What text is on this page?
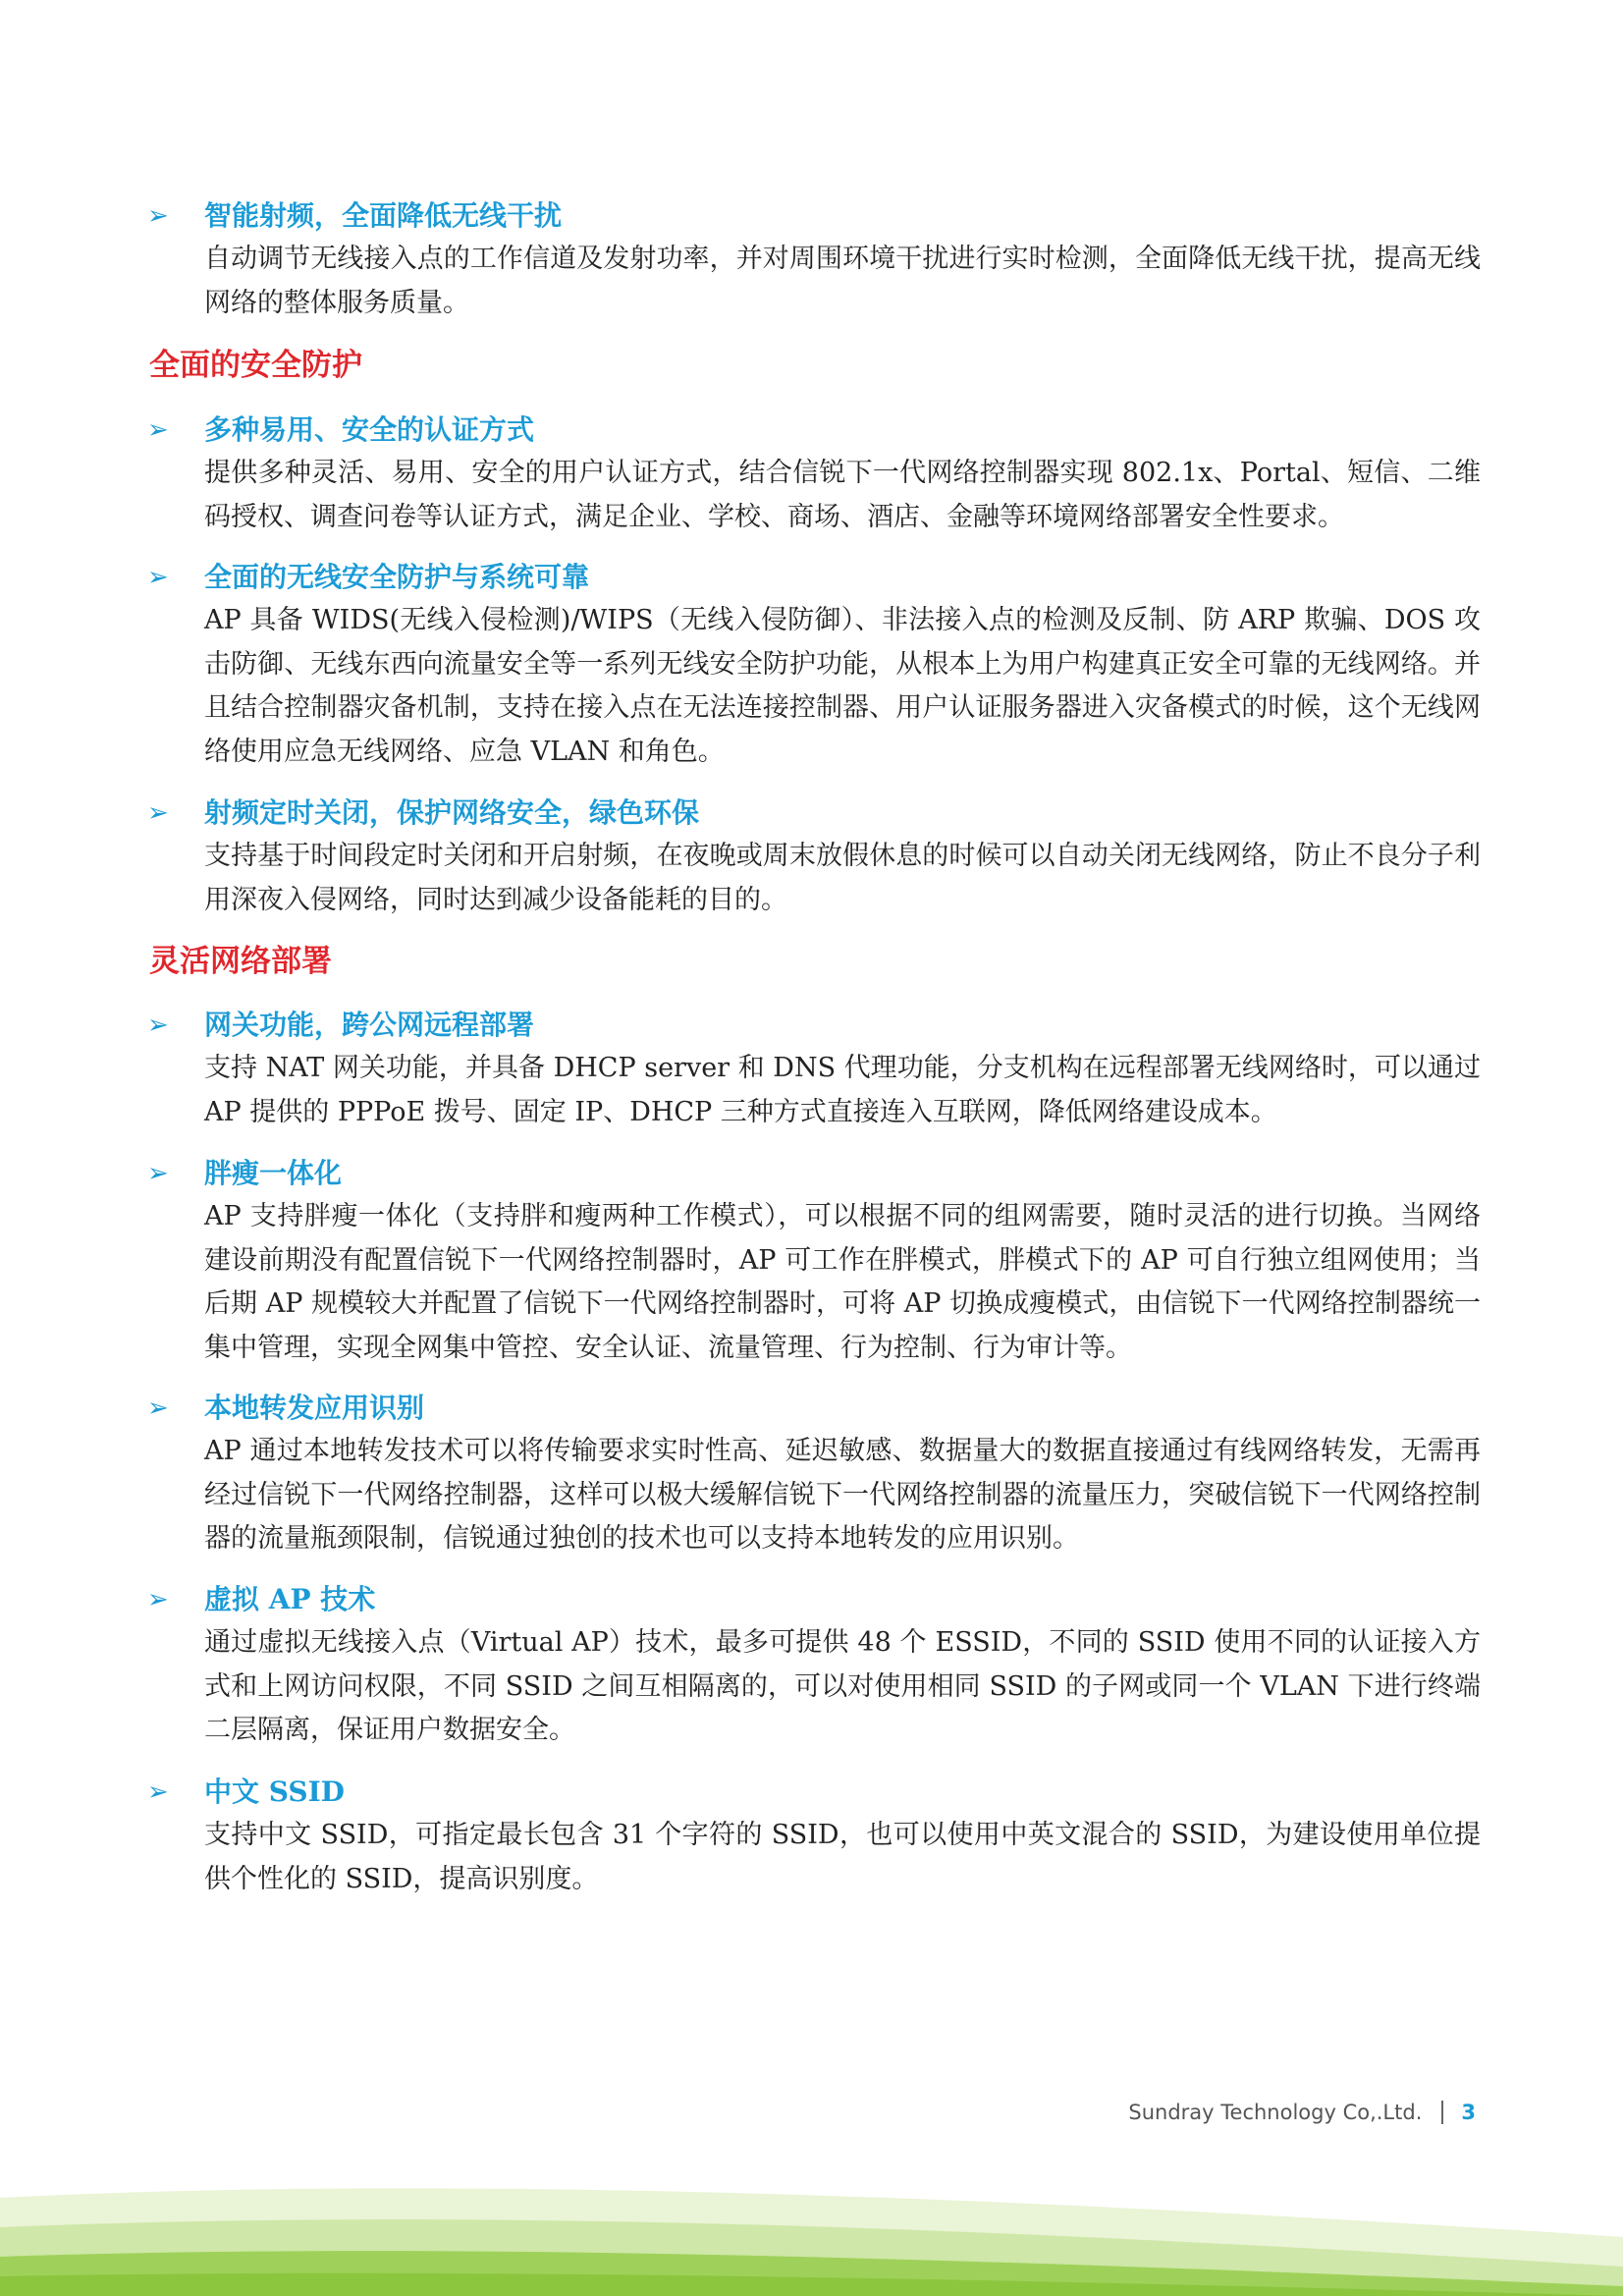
➢ 智能射频，全面降低无线干扰
自动调节无线接入点的工作信道及发射功率，并对周围环境干扰进行实时检测，全面降低无线干扰，提高无线网络的整体服务质量。
全面的安全防护
➢ 多种易用、安全的认证方式
提供多种灵活、易用、安全的用户认证方式，结合信锐下一代网络控制器实现 802.1x、Portal、短信、二维码授权、调查问卷等认证方式，满足企业、学校、商场、酒店、金融等环境网络部署安全性要求。
➢ 全面的无线安全防护与系统可靠
AP 具备 WIDS(无线入侵检测)/WIPS（无线入侵防御）、非法接入点的检测及反制、防 ARP 欺骗、DOS 攻击防御、无线东西向流量安全等一系列无线安全防护功能，从根本上为用户构建真正安全可靠的无线网络。并且结合控制器灾备机制，支持在接入点在无法连接控制器、用户认证服务器进入灾备模式的时候，这个无线网络使用应急无线网络、应急 VLAN 和角色。
➢ 射频定时关闭，保护网络安全，绿色环保
支持基于时间段定时关闭和开启射频，在夜晚或周末放假休息的时候可以自动关闭无线网络，防止不良分子利用深夜入侵网络，同时达到减少设备能耗的目的。
灵活网络部署
➢ 网关功能，跨公网远程部署
支持 NAT 网关功能，并具备 DHCP server 和 DNS 代理功能，分支机构在远程部署无线网络时，可以通过 AP 提供的 PPPoE 拨号、固定 IP、DHCP 三种方式直接连入互联网，降低网络建设成本。
➢ 胖瘦一体化
AP 支持胖瘦一体化（支持胖和瘦两种工作模式），可以根据不同的组网需要，随时灵活的进行切换。当网络建设前期没有配置信锐下一代网络控制器时，AP 可工作在胖模式，胖模式下的 AP 可自行独立组网使用；当后期 AP 规模较大并配置了信锐下一代网络控制器时，可将 AP 切换成瘦模式，由信锐下一代网络控制器统一集中管理，实现全网集中管控、安全认证、流量管理、行为控制、行为审计等。
➢ 本地转发应用识别
AP 通过本地转发技术可以将传输要求实时性高、延迟敏感、数据量大的数据直接通过有线网络转发，无需再经过信锐下一代网络控制器，这样可以极大缓解信锐下一代网络控制器的流量压力，突破信锐下一代网络控制器的流量瓶颈限制，信锐通过独创的技术也可以支持本地转发的应用识别。
➢ 虚拟 AP 技术
通过虚拟无线接入点（Virtual AP）技术，最多可提供 48 个 ESSID，不同的 SSID 使用不同的认证接入方式和上网访问权限，不同 SSID 之间互相隔离的，可以对使用相同 SSID 的子网或同一个 VLAN 下进行终端二层隔离，保证用户数据安全。
➢ 中文 SSID
支持中文 SSID，可指定最长包含 31 个字符的 SSID，也可以使用中英文混合的 SSID，为建设使用单位提供个性化的 SSID，提高识别度。
Sundray Technology Co,.Ltd. 3
